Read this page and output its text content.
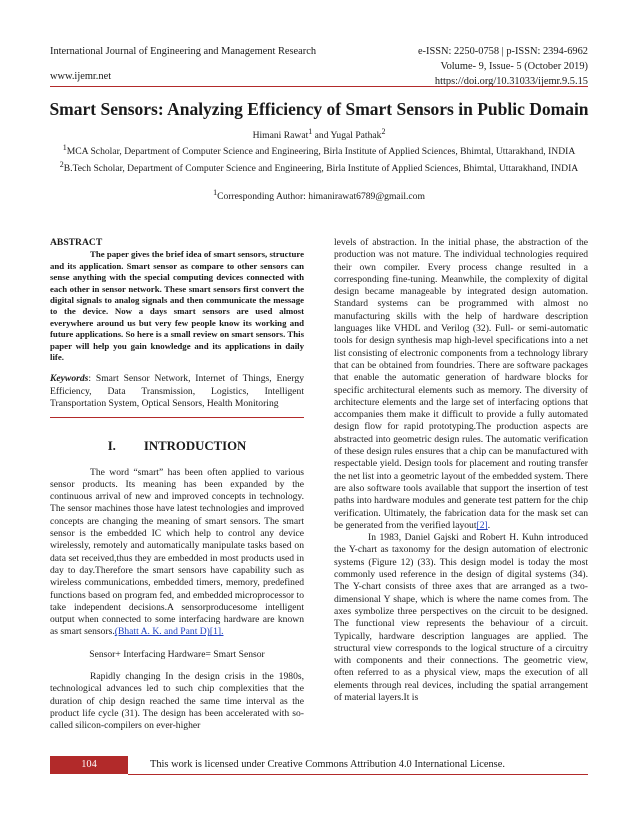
International Journal of Engineering and Management Research
www.ijemr.net
e-ISSN: 2250-0758 | p-ISSN: 2394-6962
Volume- 9, Issue- 5 (October 2019)
https://doi.org/10.31033/ijemr.9.5.15
Smart Sensors: Analyzing Efficiency of Smart Sensors in Public Domain

Himani Rawat$^1$ and Yugal Pathak$^2$

$^1$MCA Scholar, Department of Computer Science and Engineering, Birla Institute of Applied Sciences, Bhimtal, Uttarakhand, INDIA

$^2$B.Tech Scholar, Department of Computer Science and Engineering, Birla Institute of Applied Sciences, Bhimtal, Uttarakhand, INDIA

$^1$Corresponding Author: himanirawat6789@gmail.com

ABSTRACT

The paper gives the brief idea of smart sensors, structure and its application. Smart sensor as compare to other sensors can sense anything with the special computing devices connected with each other in sensor network. These smart sensors first convert the digital signals to analog signals and then communicate the message to the device. Now a days smart sensors are used almost everywhere around us but very few people know its working and future applications. So here is a small review on smart sensors. This paper will help you gain knowledge and its applications in daily life.

Keywords: Smart Sensor Network, Internet of Things, Energy Efficiency, Data Transmission, Logistics, Intelligent Transportation System, Optical Sensors, Health Monitoring

I. INTRODUCTION

The word “smart” has been often applied to various sensor products. Its meaning has been expanded by the continuous arrival of new and improved concepts in technology. The sensor machines those have latest technologies and improved concepts are changing the meaning of smart sensors. The smart sensor is the embedded IC which help to control any device wirelessly, remotely and automatically manipulate tasks based on data set received,thus they are embedded in most products used in day to day.Therefore the smart sensors have capability such as wireless communications, embedded timers, memory, predefined functions based on program fed, and embedded microprocessor to take independent decisions.A sensorproducesome intelligent output when connected to some interfacing hardware are known as smart sensors.(Bhatt A. K. and Pant D)[1].

Sensor+ Interfacing Hardware= Smart Sensor

Rapidly changing In the design crisis in the 1980s, technological advances led to such chip complexities that the duration of chip design reached the same time interval as the product life cycle (31). The design has been accelerated with so-called silicon-compilers on ever-higher

levels of abstraction. In the initial phase, the abstraction of the production was not mature. The individual technologies required their own compiler. Every process change resulted in a corresponding fine-tuning. Meanwhile, the complexity of digital design became manageable by integrated design automation. Standard systems can be programmed with almost no manufacturing skills with the help of hardware description languages like VHDL and Verilog (32). Full- or semi-automatic tools for design synthesis map high-level specifications into a net list consisting of electronic components from a technology library that can be obtained from foundries. There are software packages that enable the automatic generation of hardware blocks for specific architectural elements such as memory. The diversity of architecture elements and the large set of interfacing options that accompanies them make it difficult to provide a fully automated design flow for rapid prototyping.The production aspects are abstracted into geometric design rules. The automatic verification of these design rules ensures that a chip can be manufactured with respectable yield. Design tools for placement and routing transfer the net list into a geometric layout of the embedded system. There are also software tools available that support the insertion of test paths into hardware modules and generate test pattern for the chip verification. Ultimately, the fabrication data for the mask set can be generated from the verified layout[2].

In 1983, Daniel Gajski and Robert H. Kuhn introduced the Y-chart as taxonomy for the design automation of electronic systems (Figure 12) (33). This design model is today the most commonly used reference in the design of digital systems (34). The Y-chart consists of three axes that are arranged as a two-dimensional Y shape, which is where the name comes from. The axes symbolize three perspectives on the circuit to be designed. The functional view represents the behaviour of a circuit. Typically, hardware description languages are applied. The structural view corresponds to the logical structure of a circuitry with components and their connections. The geometric view, often referred to as a physical view, maps the execution of all elements through real devices, including the spatial arrangement of material layers.It is

104	This work is licensed under Creative Commons Attribution 4.0 International License.
